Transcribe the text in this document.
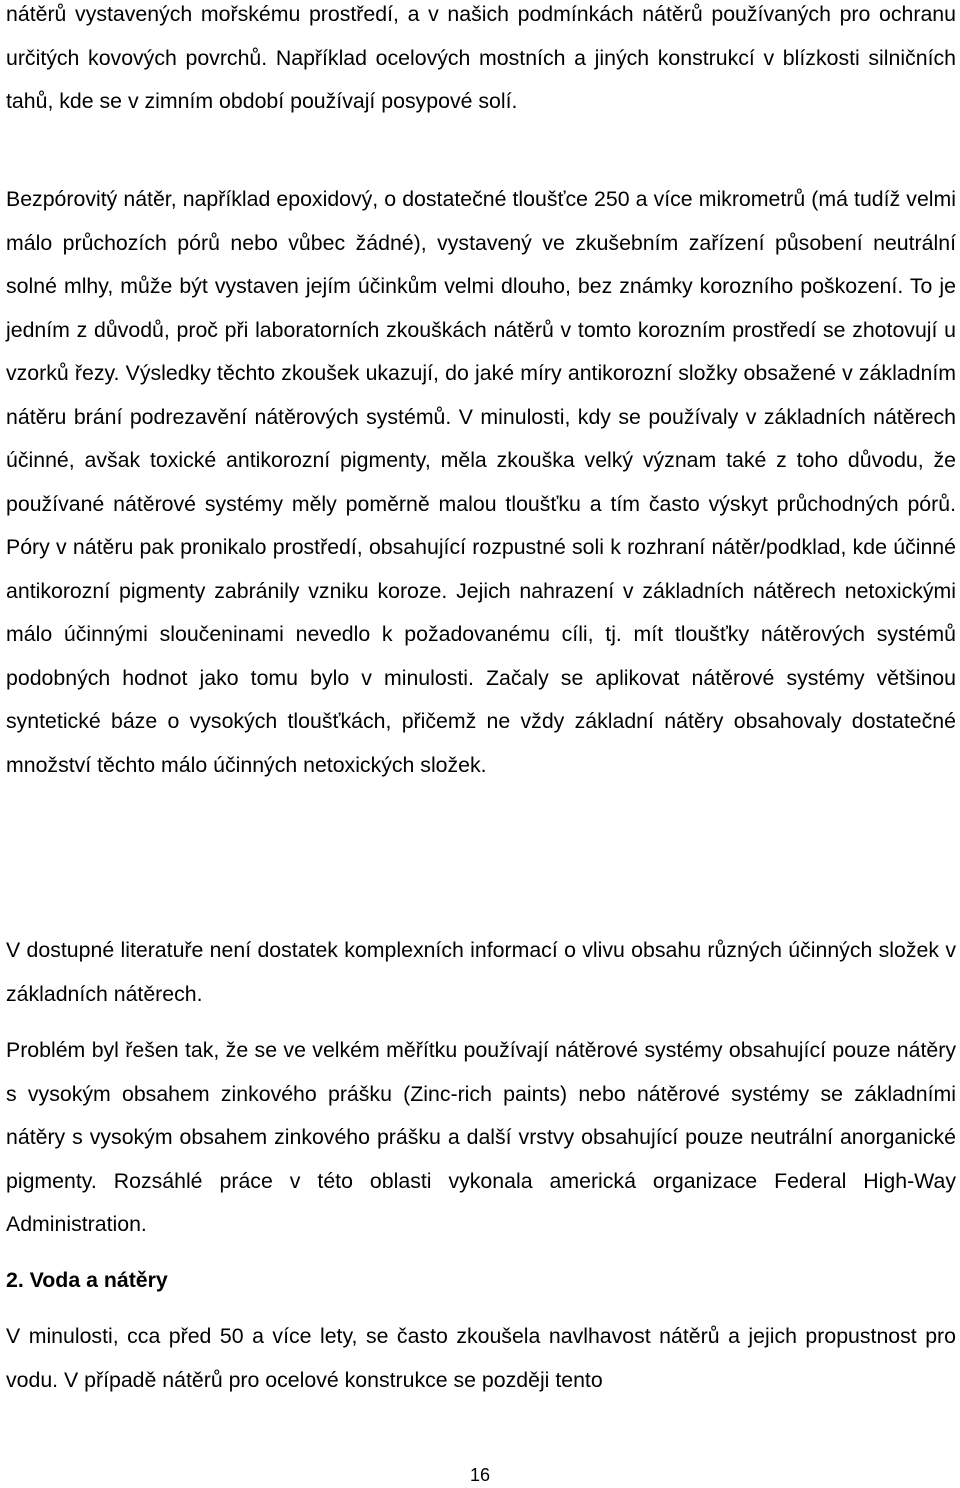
nátěrů vystavených mořskému prostředí, a v našich podmínkách nátěrů používaných pro ochranu určitých kovových povrchů. Například ocelových mostních a jiných konstrukcí v blízkosti silničních tahů, kde se v zimním období používají posypové solí.

Bezpórovitý nátěr, například epoxidový, o dostatečné tloušťce 250 a více mikrometrů (má tudíž velmi málo průchozích pórů nebo vůbec žádné), vystavený ve zkušebním zařízení působení neutrální solné mlhy, může být vystaven jejím účinkům velmi dlouho, bez známky korozního poškození. To je jedním z důvodů, proč při laboratorních zkouškách nátěrů v tomto korozním prostředí se zhotovují u vzorků řezy. Výsledky těchto zkoušek ukazují, do jaké míry antikorozní složky obsažené v základním nátěru brání podrezavění nátěrových systémů. V minulosti, kdy se používaly v základních nátěrech účinné, avšak toxické antikorozní pigmenty, měla zkouška velký význam také z toho důvodu, že používané nátěrové systémy měly poměrně malou tloušťku a tím často výskyt průchodných pórů. Póry v nátěru pak pronikalo prostředí, obsahující rozpustné soli k rozhraní nátěr/podklad, kde účinné antikorozní pigmenty zabránily vzniku koroze. Jejich nahrazení v základních nátěrech netoxickými málo účinnými sloučeninami nevedlo k požadovanému cíli, tj. mít tloušťky nátěrových systémů podobných hodnot jako tomu bylo v minulosti. Začaly se aplikovat nátěrové systémy většinou syntetické báze o vysokých tloušťkách, přičemž ne vždy základní nátěry obsahovaly dostatečné množství těchto málo účinných netoxických složek.

V dostupné literatuře není dostatek komplexních informací o vlivu obsahu různých účinných složek v základních nátěrech.

Problém byl řešen tak, že se ve velkém měřítku používají nátěrové systémy obsahující pouze nátěry s vysokým obsahem zinkového prášku (Zinc-rich paints) nebo nátěrové systémy se základními nátěry s vysokým obsahem zinkového prášku a další vrstvy obsahující pouze neutrální anorganické pigmenty. Rozsáhlé práce v této oblasti vykonala americká organizace Federal High-Way Administration.

2. Voda a nátěry

V minulosti, cca před 50 a více lety, se často zkoušela navlhavost nátěrů a jejich propustnost pro vodu. V případě nátěrů pro ocelové konstrukce se později tento

16
